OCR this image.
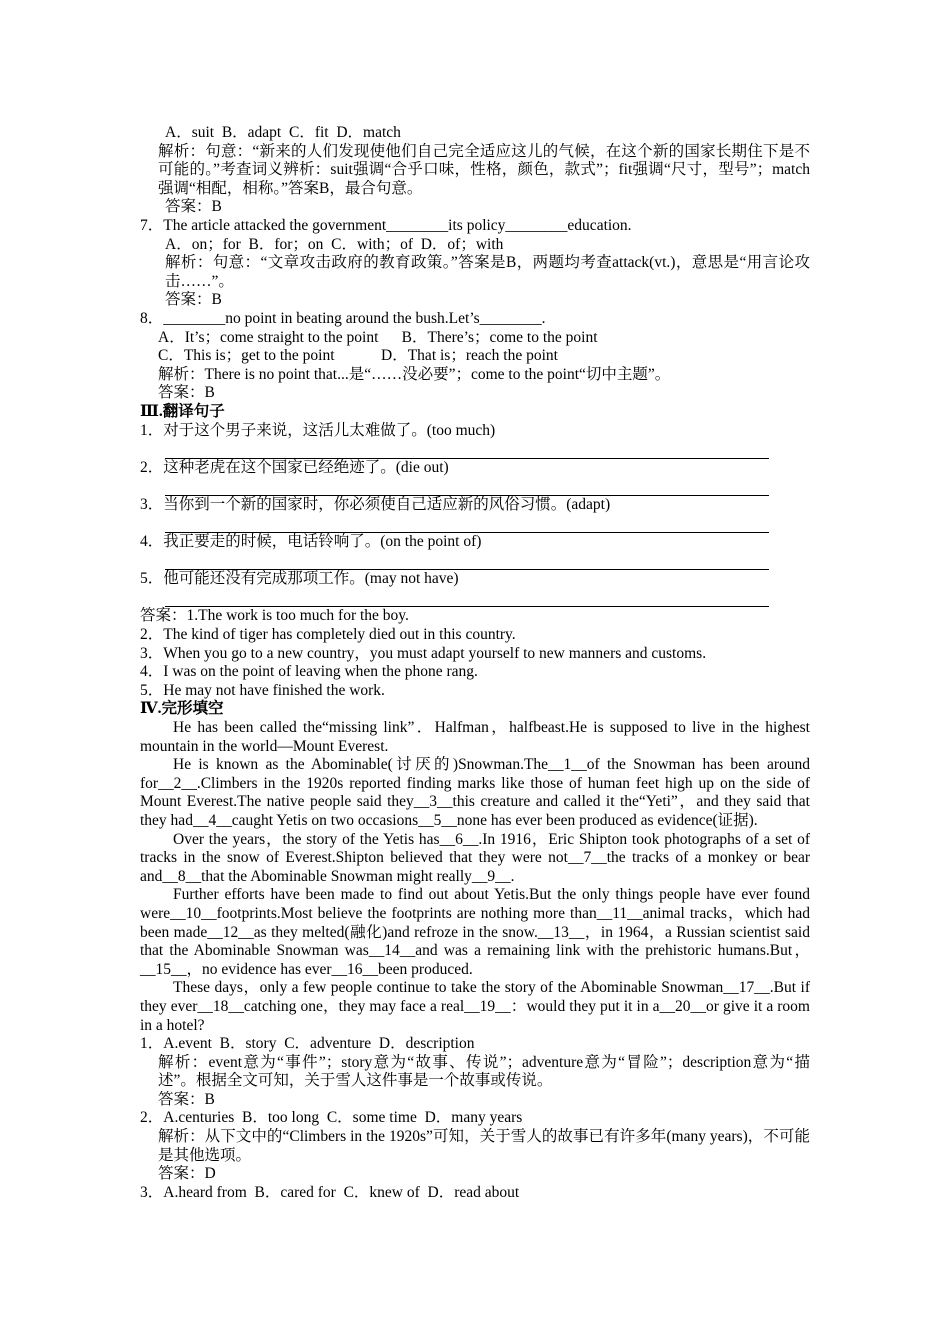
A．suit  B．adapt  C．fit  D．match
解析：句意：“新来的人们发现使他们自己完全适应这儿的气候，在这个新的国家长期住下是不可能的。”考查词义辨析：suit强调“合乎口味，性格，颜色，款式”；fit强调“尺寸，型号”；match强调“相配，相称。”答案B，最合句意。
答案：B
7．The article attacked the government________its policy________education.
A．on；for  B．for；on  C．with；of  D．of；with
解析：句意：“文章攻击政府的教育政策。”答案是B，两题均考查attack(vt.)，意思是“用言论攻击……”。
答案：B
8．________no point in beating around the bush.Let’s________.
A．It’s；come straight to the point      B．There’s；come to the point
C．This is；get to the point            D．That is；reach the point
解析：There is no point that...是“……没必要”；come to the point“切中主题”。
答案：B
Ⅲ.翻译句子
1．对于这个男子来说，这活儿太难做了。(too much)
2．这种老虎在这个国家已经绝迹了。(die out)
3．当你到一个新的国家时，你必须使自己适应新的风俗习惯。(adapt)
4．我正要走的时候，电话铃响了。(on the point of)
5．他可能还没有完成那项工作。(may not have)
答案：1.The work is too much for the boy.
2．The kind of tiger has completely died out in this country.
3．When you go to a new country，you must adapt yourself to new manners and customs.
4．I was on the point of leaving when the phone rang.
5．He may not have finished the work.
Ⅳ.完形填空
He has been called the“missing link”．Halfman，halfbeast.He is supposed to live in the highest mountain in the world—Mount Everest.
He is known as the Abominable(讨厌的)Snowman.The__1__of the Snowman has been around for__2__.Climbers in the 1920s reported finding marks like those of human feet high up on the side of Mount Everest.The native people said they__3__this creature and called it the“Yeti”，and they said that they had__4__caught Yetis on two occasions__5__none has ever been produced as evidence(证据).
Over the years，the story of the Yetis has__6__.In 1916，Eric Shipton took photographs of a set of tracks in the snow of Everest.Shipton believed that they were not__7__the tracks of a monkey or bear and__8__that the Abominable Snowman might really__9__.
Further efforts have been made to find out about Yetis.But the only things people have ever found were__10__footprints.Most believe the footprints are nothing more than__11__animal tracks，which had been made__12__as they melted(融化)and refroze in the snow.__13__，in 1964，a Russian scientist said that the Abominable Snowman was__14__and was a remaining link with the prehistoric humans.But，__15__，no evidence has ever__16__been produced.
These days，only a few people continue to take the story of the Abominable Snowman__17__.But if they ever__18__catching one，they may face a real__19__：would they put it in a__20__or give it a room in a hotel?
1．A.event  B．story  C．adventure  D．description
解析：event意为“事件”；story意为“故事、传说”；adventure意为“冒险”；description意为“描述”。根据全文可知，关于雪人这件事是一个故事或传说。
答案：B
2．A.centuries  B．too long  C．some time  D．many years
解析：从下文中的“Climbers in the 1920s”可知，关于雪人的故事已有许多年(many years)，不可能是其他选项。
答案：D
3．A.heard from  B．cared for  C．knew of  D．read about
